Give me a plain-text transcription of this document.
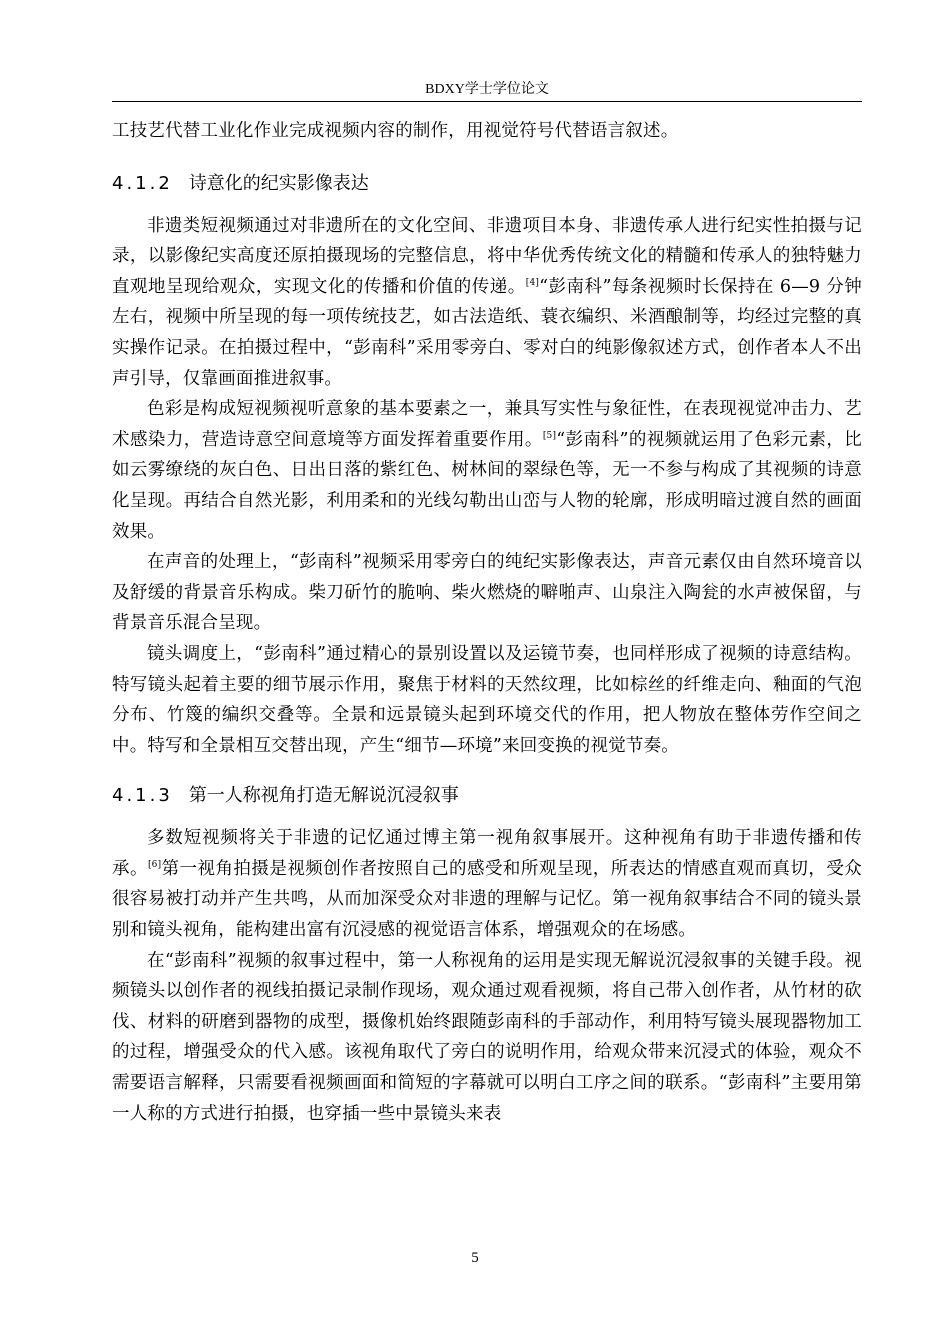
BDXY学士学位论文

工技艺代替工业化作业完成视频内容的制作，用视觉符号代替语言叙述。

4.1.2 诗意化的纪实影像表达

非遗类短视频通过对非遗所在的文化空间、非遗项目本身、非遗传承人进行纪实性拍摄与记录，以影像纪实高度还原拍摄现场的完整信息，将中华优秀传统文化的精髓和传承人的独特魅力直观地呈现给观众，实现文化的传播和价值的传递。[4]“彭南科”每条视频时长保持在 6—9 分钟左右，视频中所呈现的每一项传统技艺，如古法造纸、蓑衣编织、米酒酿制等，均经过完整的真实操作记录。在拍摄过程中，“彭南科”采用零旁白、零对白的纯影像叙述方式，创作者本人不出声引导，仅靠画面推进叙事。

色彩是构成短视频视听意象的基本要素之一，兼具写实性与象征性，在表现视觉冲击力、艺术感染力，营造诗意空间意境等方面发挥着重要作用。[5]“彭南科”的视频就运用了色彩元素，比如云雾缭绕的灰白色、日出日落的紫红色、树林间的翠绿色等，无一不参与构成了其视频的诗意化呈现。再结合自然光影，利用柔和的光线勾勒出山峦与人物的轮廓，形成明暗过渡自然的画面效果。

在声音的处理上，“彭南科”视频采用零旁白的纯纪实影像表达，声音元素仅由自然环境音以及舒缓的背景音乐构成。柴刀斫竹的脆响、柴火燃烧的噼啪声、山泉注入陶瓮的水声被保留，与背景音乐混合呈现。

镜头调度上，“彭南科”通过精心的景别设置以及运镜节奏，也同样形成了视频的诗意结构。特写镜头起着主要的细节展示作用，聚焦于材料的天然纹理，比如棕丝的纤维走向、釉面的气泡分布、竹篾的编织交叠等。全景和远景镜头起到环境交代的作用，把人物放在整体劳作空间之中。特写和全景相互交替出现，产生“细节—环境”来回变换的视觉节奏。

4.1.3 第一人称视角打造无解说沉浸叙事

多数短视频将关于非遗的记忆通过博主第一视角叙事展开。这种视角有助于非遗传播和传承。[6]第一视角拍摄是视频创作者按照自己的感受和所观呈现，所表达的情感直观而真切，受众很容易被打动并产生共鸣，从而加深受众对非遗的理解与记忆。第一视角叙事结合不同的镜头景别和镜头视角，能构建出富有沉浸感的视觉语言体系，增强观众的在场感。

在“彭南科”视频的叙事过程中，第一人称视角的运用是实现无解说沉浸叙事的关键手段。视频镜头以创作者的视线拍摄记录制作现场，观众通过观看视频，将自己带入创作者，从竹材的砍伐、材料的研磨到器物的成型，摄像机始终跟随彭南科的手部动作，利用特写镜头展现器物加工的过程，增强受众的代入感。该视角取代了旁白的说明作用，给观众带来沉浸式的体验，观众不需要语言解释，只需要看视频画面和简短的字幕就可以明白工序之间的联系。“彭南科”主要用第一人称的方式进行拍摄，也穿插一些中景镜头来表

5
